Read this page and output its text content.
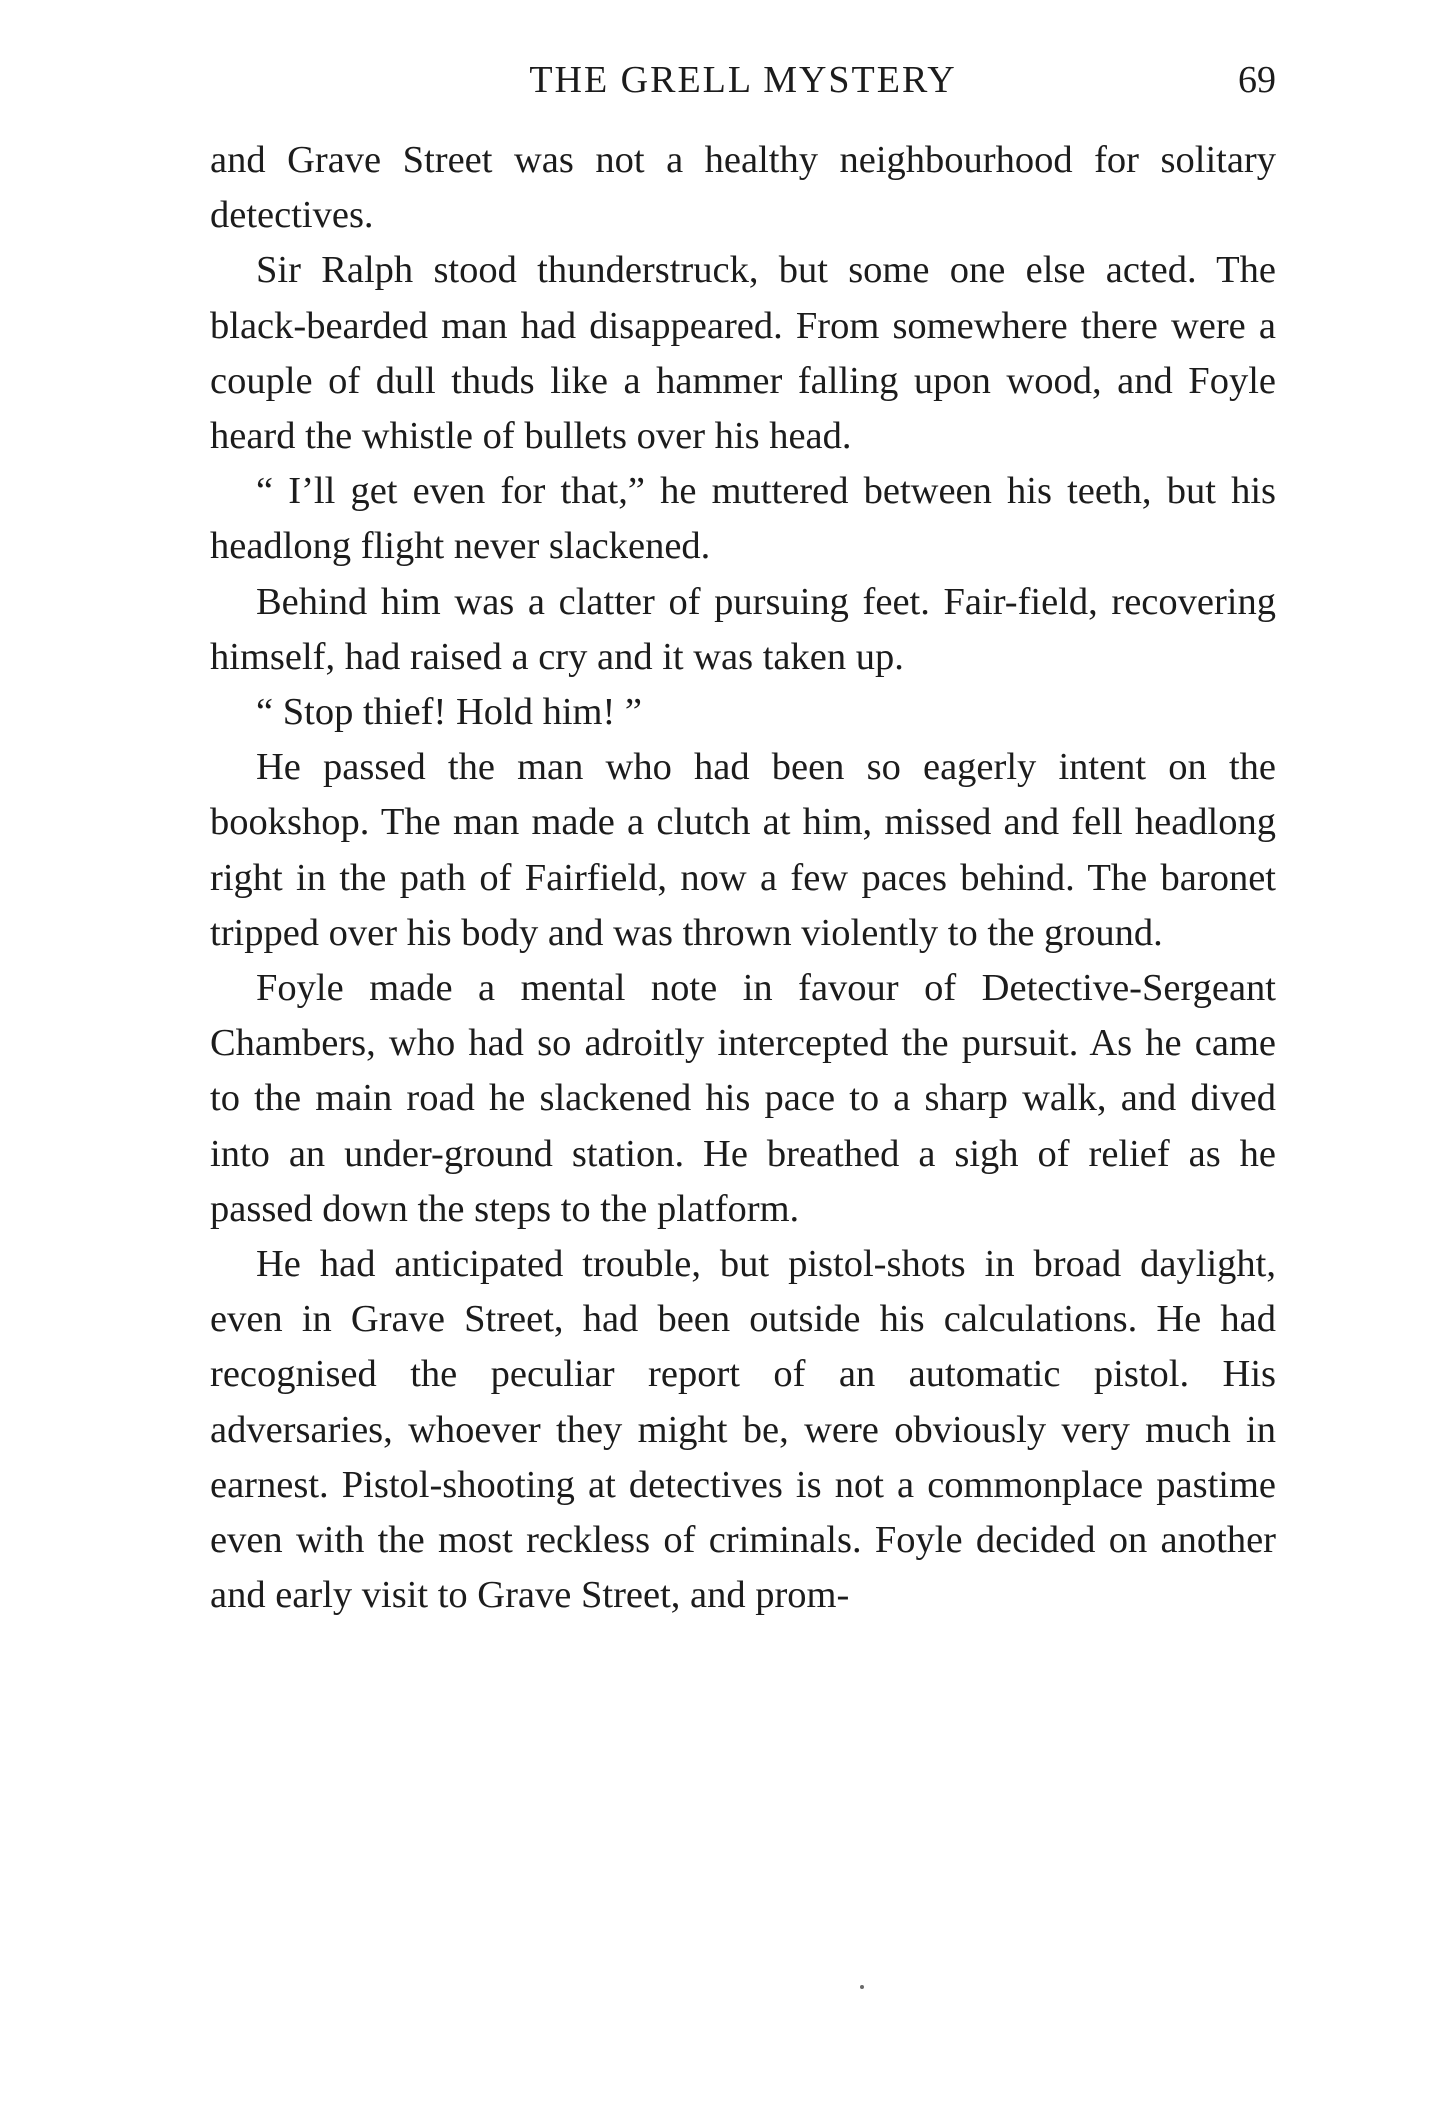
THE GRELL MYSTERY	69

and Grave Street was not a healthy neighbourhood for solitary detectives.

Sir Ralph stood thunderstruck, but some one else acted. The black-bearded man had disappeared. From somewhere there were a couple of dull thuds like a hammer falling upon wood, and Foyle heard the whistle of bullets over his head.

“ I’ll get even for that,” he muttered between his teeth, but his headlong flight never slackened.

Behind him was a clatter of pursuing feet. Fair-field, recovering himself, had raised a cry and it was taken up.

“ Stop thief! Hold him! ”

He passed the man who had been so eagerly intent on the bookshop. The man made a clutch at him, missed and fell headlong right in the path of Fairfield, now a few paces behind. The baronet tripped over his body and was thrown violently to the ground.

Foyle made a mental note in favour of Detective-Sergeant Chambers, who had so adroitly intercepted the pursuit. As he came to the main road he slackened his pace to a sharp walk, and dived into an under-ground station. He breathed a sigh of relief as he passed down the steps to the platform.

He had anticipated trouble, but pistol-shots in broad daylight, even in Grave Street, had been outside his calculations. He had recognised the peculiar report of an automatic pistol. His adversaries, whoever they might be, were obviously very much in earnest. Pistol-shooting at detectives is not a commonplace pastime even with the most reckless of criminals. Foyle decided on another and early visit to Grave Street, and prom-
